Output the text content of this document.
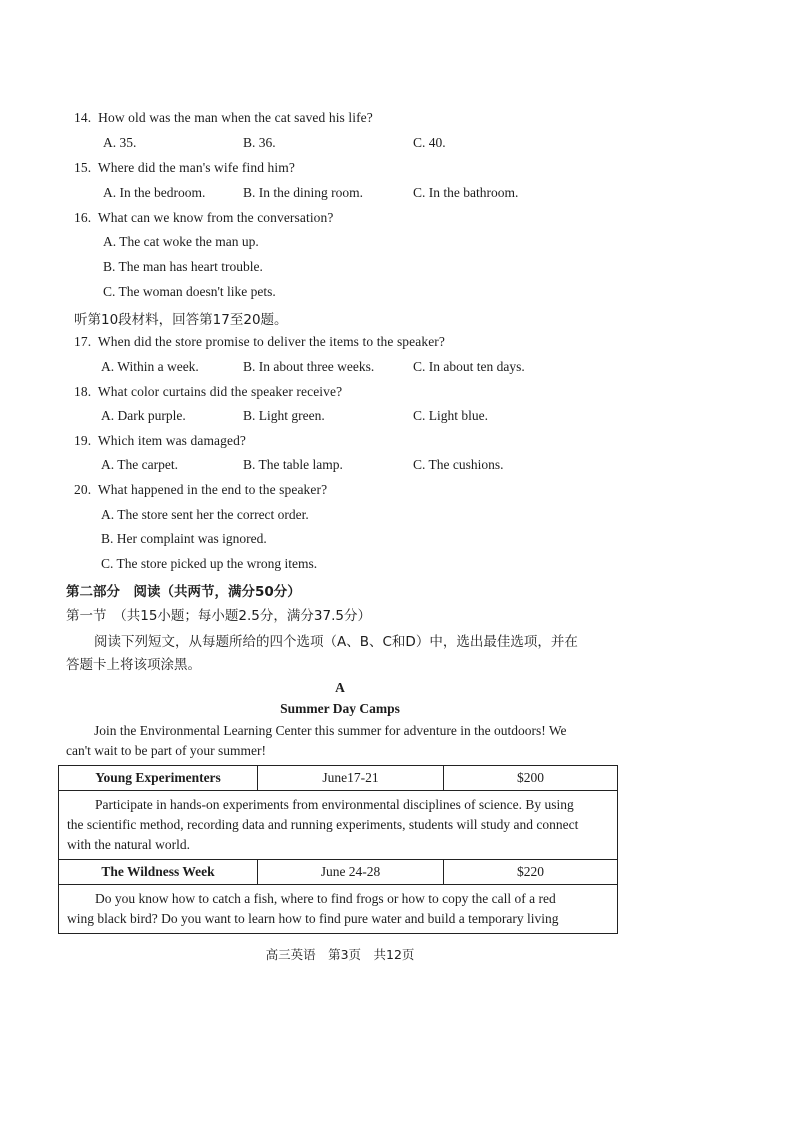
14. How old was the man when the cat saved his life?
A. 35.	B. 36.	C. 40.
15. Where did the man's wife find him?
A. In the bedroom.	B. In the dining room.	C. In the bathroom.
16. What can we know from the conversation?
A. The cat woke the man up.
B. The man has heart trouble.
C. The woman doesn't like pets.
听第10段材料，回答第17至20题。
17. When did the store promise to deliver the items to the speaker?
A. Within a week.	B. In about three weeks.	C. In about ten days.
18. What color curtains did the speaker receive?
A. Dark purple.	B. Light green.	C. Light blue.
19. Which item was damaged?
A. The carpet.	B. The table lamp.	C. The cushions.
20. What happened in the end to the speaker?
A. The store sent her the correct order.
B. Her complaint was ignored.
C. The store picked up the wrong items.
第二部分　阅读（共两节，满分50分）
第一节　（共15小题；每小题2.5分，满分37.5分）
阅读下列短文，从每题所给的四个选项（A、B、C和D）中，选出最佳选项，并在
答题卡上将该项涂黑。
A
Summer Day Camps
Join the Environmental Learning Center this summer for adventure in the outdoors! We
can't wait to be part of your summer!
Young Experimenters	June17-21	$200
Participate in hands-on experiments from environmental disciplines of science. By using
the scientific method, recording data and running experiments, students will study and connect
with the natural world.
The Wildness Week	June 24-28	$220
Do you know how to catch a fish, where to find frogs or how to copy the call of a red
wing black bird? Do you want to learn how to find pure water and build a temporary living
高三英语　第3页　共12页
